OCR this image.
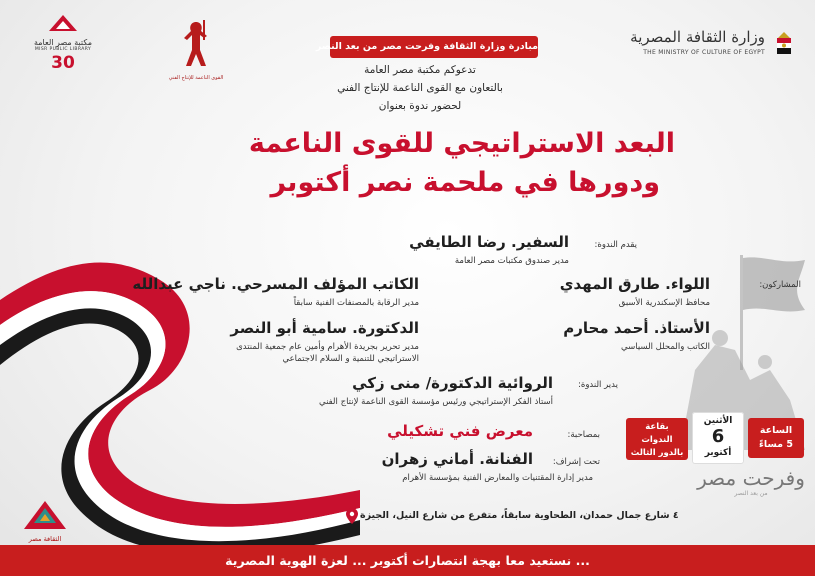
وزارة الثقافة المصرية
THE MINISTRY OF CULTURE OF EGYPT
القوى الناعمة للإنتاج الفني
مكتبة مصر العامة
MISR PUBLIC LIBRARY
30
مبادرة وزارة الثقافة وفرحت مصر من بعد النصر
تدعوكم مكتبة مصر العامة
بالتعاون مع القوى الناعمة للإنتاج الفني
لحضور ندوة بعنوان
البعد الاستراتيجي للقوى الناعمة
ودورها في ملحمة نصر أكتوبر
يقدم الندوة:
السفير. رضا الطايفي
مدير صندوق مكتبات مصر العامة
المشاركون:
اللواء. طارق المهدي
محافظ الإسكندرية الأسبق
الكاتب المؤلف المسرحي. ناجي عبدالله
مدير الرقابة بالمصنفات الفنية سابقاً
الأستاذ. أحمد محارم
الكاتب والمحلل السياسي
الدكتورة. سامية أبو النصر
مدير تحرير بجريدة الأهرام وأمين عام جمعية المنتدى
الاستراتيجي للتنمية و السلام الاجتماعي
يدير الندوة:
الروائية الدكتورة/ منى زكي
أستاذ الفكر الإستراتيجي ورئيس مؤسسة القوى الناعمة لإنتاج الفني
بمصاحبة:
معرض فني تشكيلي
تحت إشراف:
الفنانة. أماني زهران
مدير إدارة المقتنيات والمعارض الفنية بمؤسسة الأهرام
الساعة
5 مساءً
الأثنين
6
أكتوبر
بقاعة
الندوات
بالدور الثالث
وفرحت مصر
من بعد النصر
٤ شارع جمال حمدان، الطحاوية سابقاً، متفرع من شارع النيل، الجيزة
الثقافة مصر
... نستعيد معا بهجة انتصارات أكتوبر ... لعزة الهوية المصرية
